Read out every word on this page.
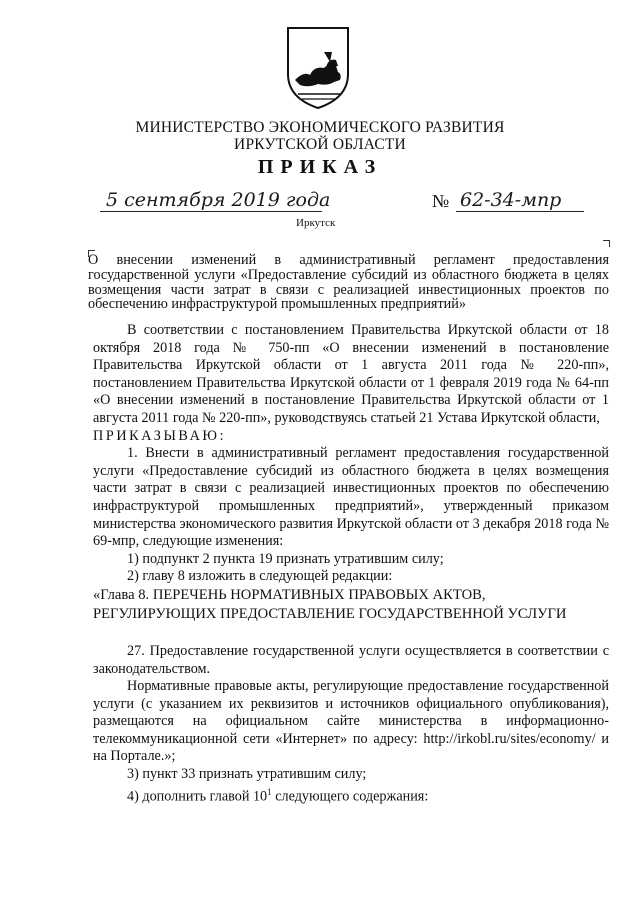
МИНИСТЕРСТВО ЭКОНОМИЧЕСКОГО РАЗВИТИЯ
ИРКУТСКОЙ ОБЛАСТИ
ПРИКАЗ
5 сентября 2019 года	№ 62-34-мпр
Иркутск
О внесении изменений в административный регламент предоставления государственной услуги «Предоставление субсидий из областного бюджета в целях возмещения части затрат в связи с реализацией инвестиционных проектов по обеспечению инфраструктурой промышленных предприятий»

В соответствии с постановлением Правительства Иркутской области от 18 октября 2018 года № 750-пп «О внесении изменений в постановление Правительства Иркутской области от 1 августа 2011 года № 220-пп», постановлением Правительства Иркутской области от 1 февраля 2019 года № 64-пп «О внесении изменений в постановление Правительства Иркутской области от 1 августа 2011 года № 220-пп», руководствуясь статьей 21 Устава Иркутской области,

ПРИКАЗЫВАЮ:

1. Внести в административный регламент предоставления государственной услуги «Предоставление субсидий из областного бюджета в целях возмещения части затрат в связи с реализацией инвестиционных проектов по обеспечению инфраструктурой промышленных предприятий», утвержденный приказом министерства экономического развития Иркутской области от 3 декабря 2018 года № 69-мпр, следующие изменения:

1) подпункт 2 пункта 19 признать утратившим силу;

2) главу 8 изложить в следующей редакции:

«Глава 8. ПЕРЕЧЕНЬ НОРМАТИВНЫХ ПРАВОВЫХ АКТОВ,

РЕГУЛИРУЮЩИХ ПРЕДОСТАВЛЕНИЕ ГОСУДАРСТВЕННОЙ УСЛУГИ

27. Предоставление государственной услуги осуществляется в соответствии с законодательством.

Нормативные правовые акты, регулирующие предоставление государственной услуги (с указанием их реквизитов и источников официального опубликования), размещаются на официальном сайте министерства в информационно-телекоммуникационной сети «Интернет» по адресу: http://irkobl.ru/sites/economy/ и на Портале.»;

3) пункт 33 признать утратившим силу;

4) дополнить главой $10^1$ следующего содержания:
